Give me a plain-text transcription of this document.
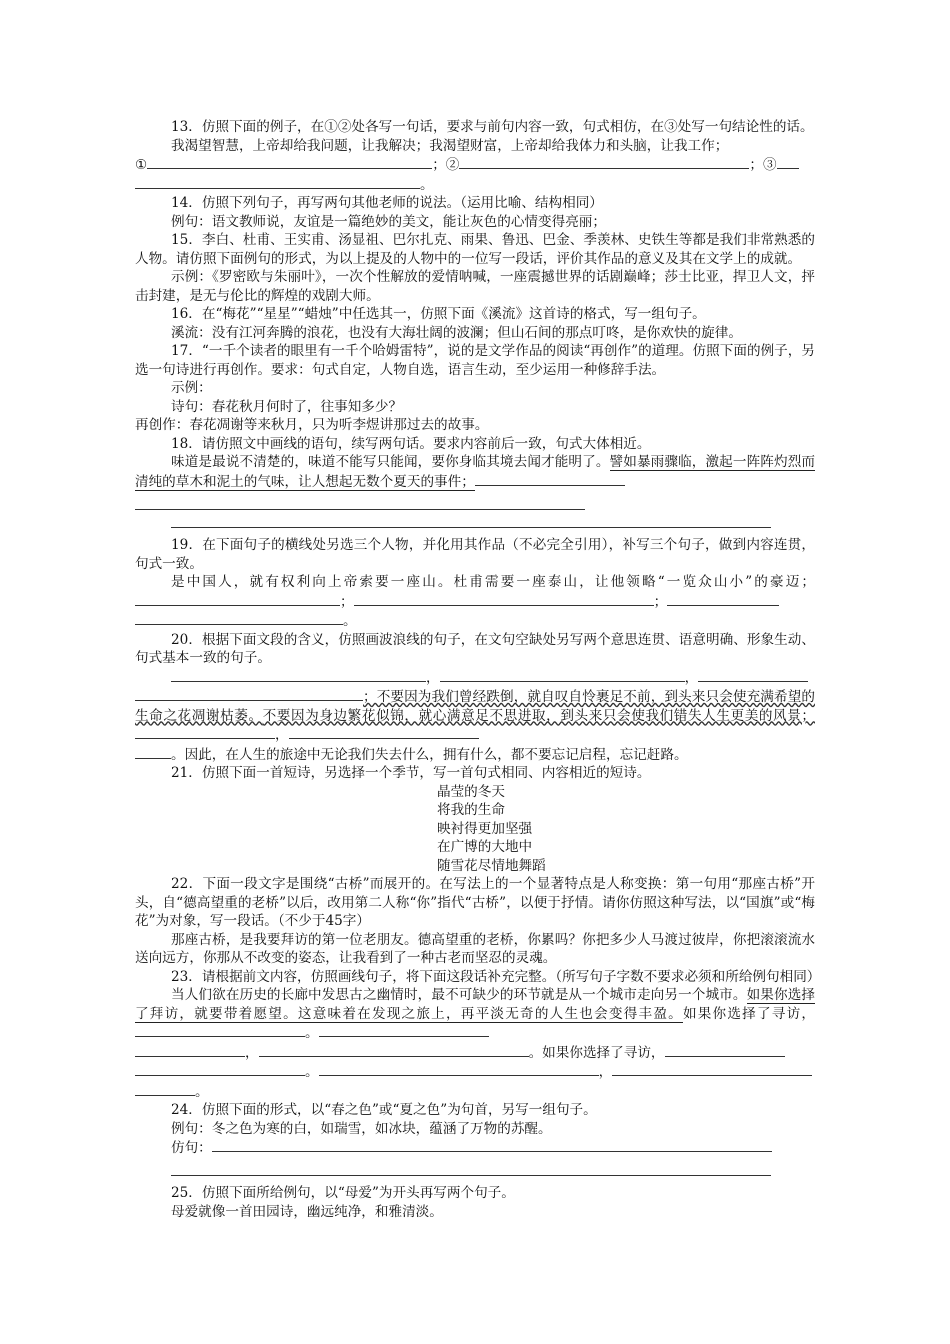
13．仿照下面的例子，在①②处各写一句话，要求与前句内容一致，句式相仿，在③处写一句结论性的话。

我渴望智慧，上帝却给我问题，让我解决；我渴望财富，上帝却给我体力和头脑，让我工作；

①	；②	；③

。

14．仿照下列句子，再写两句其他老师的说法。（运用比喻、结构相同）

例句：语文教师说，友谊是一篇绝妙的美文，能让灰色的心情变得亮丽；

15．李白、杜甫、王实甫、汤显祖、巴尔扎克、雨果、鲁迅、巴金、季羡林、史铁生等都是我们非常熟悉的人物。请仿照下面例句的形式，为以上提及的人物中的一位写一段话，评价其作品的意义及其在文学上的成就。

示例：《罗密欧与朱丽叶》，一次个性解放的爱情呐喊，一座震撼世界的话剧巅峰；莎士比亚，捍卫人文，抨击封建，是无与伦比的辉煌的戏剧大师。

16．在“梅花”“星星”“蜡烛”中任选其一，仿照下面《溪流》这首诗的格式，写一组句子。

溪流：没有江河奔腾的浪花，也没有大海壮阔的波澜；但山石间的那点叮咚，是你欢快的旋律。

17．“一千个读者的眼里有一千个哈姆雷特”，说的是文学作品的阅读“再创作”的道理。仿照下面的例子，另选一句诗进行再创作。要求：句式自定，人物自选，语言生动，至少运用一种修辞手法。

示例：

诗句：春花秋月何时了，往事知多少？

再创作：春花凋谢等来秋月，只为听李煜讲那过去的故事。

18．请仿照文中画线的语句，续写两句话。要求内容前后一致，句式大体相近。

味道是最说不清楚的，味道不能写只能闻，要你身临其境去闻才能明了。譬如暴雨骤临，激起一阵阵灼烈而清纯的草木和泥土的气味，让人想起无数个夏天的事件；

19．在下面句子的横线处另选三个人物，并化用其作品（不必完全引用），补写三个句子，做到内容连贯，句式一致。

是中国人，就有权利向上帝索要一座山。杜甫需要一座泰山，让他领略“一览众山小”的豪迈；；	；

。

20．根据下面文段的含义，仿照画波浪线的句子，在文句空缺处另写两个意思连贯、语意明确、形象生动、句式基本一致的句子。

，	，

；不要因为我们曾经跌倒，就自叹自怜裹足不前，到头来只会使充满希望的生命之花凋谢枯萎。不要因为身边繁花似锦，就心满意足不思进取，到头来只会使我们错失人生更美的风景；，

。因此，在人生的旅途中无论我们失去什么，拥有什么，都不要忘记启程，忘记赶路。

21．仿照下面一首短诗，另选择一个季节，写一首句式相同、内容相近的短诗。

晶莹的冬天

将我的生命

映衬得更加坚强

在广博的大地中

随雪花尽情地舞蹈

22．下面一段文字是围绕“古桥”而展开的。在写法上的一个显著特点是人称变换：第一句用“那座古桥”开头，自“德高望重的老桥”以后，改用第二人称“你”指代“古桥”，以便于抒情。请你仿照这种写法，以“国旗”或“梅花”为对象，写一段话。（不少于45字）

那座古桥，是我要拜访的第一位老朋友。德高望重的老桥，你累吗？你把多少人马渡过彼岸，你把滚滚流水送向远方，你那从不改变的姿态，让我看到了一种古老而坚忍的灵魂。

23．请根据前文内容，仿照画线句子，将下面这段话补充完整。（所写句子字数不要求必须和所给例句相同）

当人们欲在历史的长廊中发思古之幽情时，最不可缺少的环节就是从一个城市走向另一个城市。如果你选择了拜访，就要带着愿望。这意味着在发现之旅上，再平淡无奇的人生也会变得丰盈。如果你选择了寻访，。

，	。如果你选择了寻访，

。	，

。

24．仿照下面的形式，以“春之色”或“夏之色”为句首，另写一组句子。

例句：冬之色为寒的白，如瑞雪，如冰块，蕴涵了万物的苏醒。

仿句：

25．仿照下面所给例句，以“母爱”为开头再写两个句子。

母爱就像一首田园诗，幽远纯净，和雅清淡。
